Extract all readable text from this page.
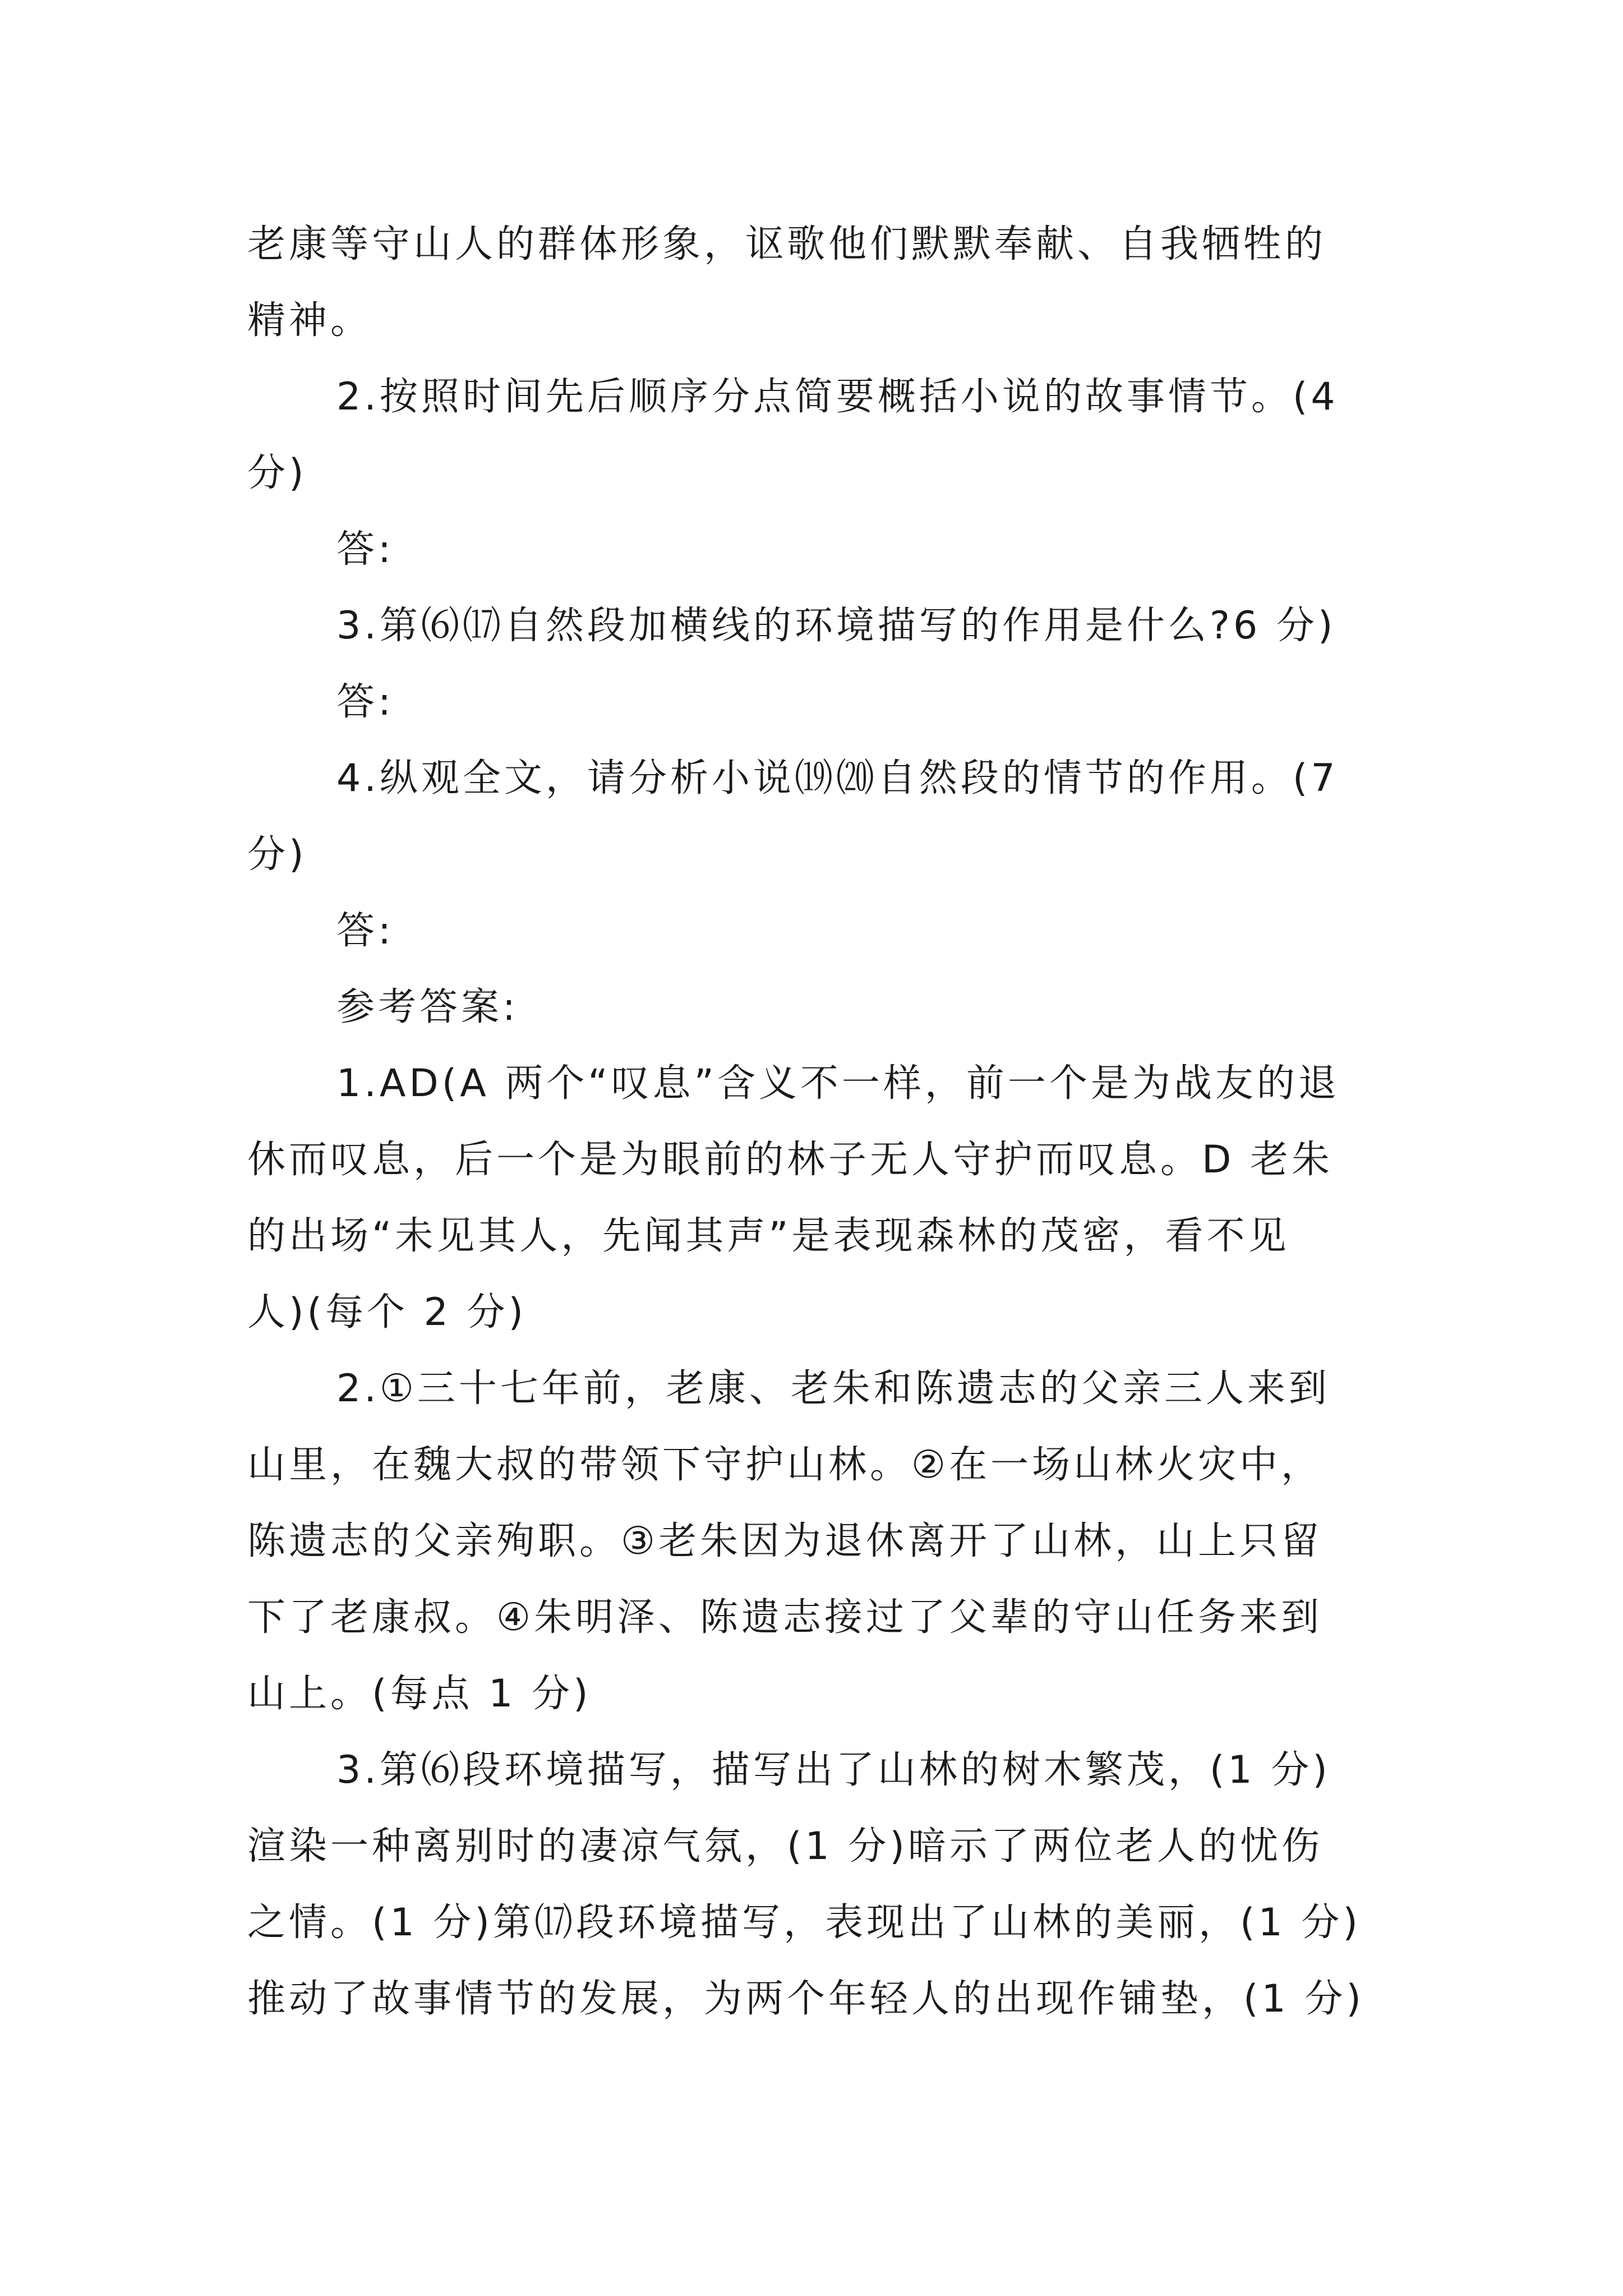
老康等守山人的群体形象，讴歌他们默默奉献、自我牺牲的
精神。
2.按照时间先后顺序分点简要概括小说的故事情节。(4
分)
答:
3.第⑹⒄自然段加横线的环境描写的作用是什么?6 分)
答:
4.纵观全文，请分析小说⒆⒇自然段的情节的作用。(7
分)
答:
参考答案:
1.AD(A 两个“叹息”含义不一样，前一个是为战友的退
休而叹息，后一个是为眼前的林子无人守护而叹息。D 老朱
的出场“未见其人，先闻其声”是表现森林的茂密，看不见
人)(每个 2 分)
2.①三十七年前，老康、老朱和陈遗志的父亲三人来到
山里，在魏大叔的带领下守护山林。②在一场山林火灾中，
陈遗志的父亲殉职。③老朱因为退休离开了山林，山上只留
下了老康叔。④朱明泽、陈遗志接过了父辈的守山任务来到
山上。(每点 1 分)
3.第⑹段环境描写，描写出了山林的树木繁茂，(1 分)
渲染一种离别时的凄凉气氛，(1 分)暗示了两位老人的忧伤
之情。(1 分)第⒄段环境描写，表现出了山林的美丽，(1 分)
推动了故事情节的发展，为两个年轻人的出现作铺垫，(1 分)
